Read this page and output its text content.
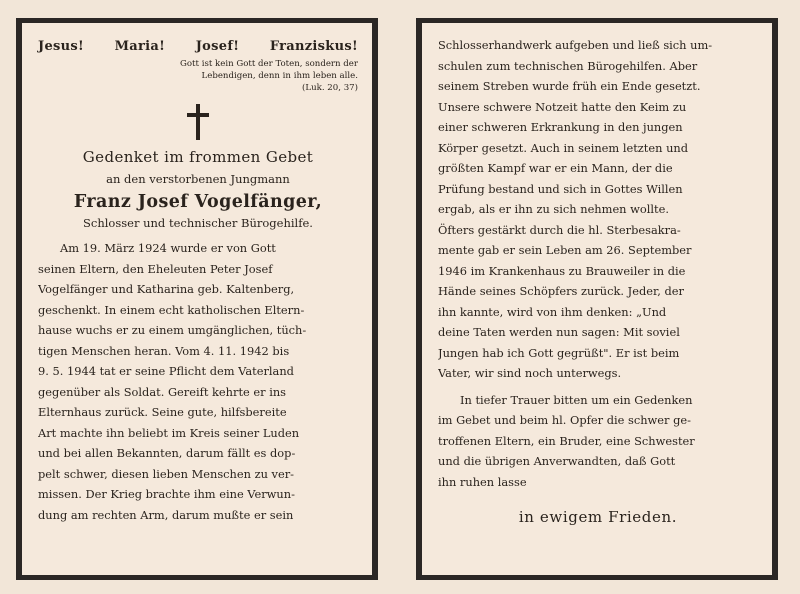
Jesus! Maria! Josef! Franziskus!
Gott ist kein Gott der Toten, sondern der
Lebendigen, denn in ihm leben alle.
(Luk. 20, 37)
Gedenket im frommen Gebet
an den verstorbenen Jungmann
Franz Josef Vogelfänger,
Schlosser und technischer Bürogehilfe.
Am 19. März 1924 wurde er von Gott
seinen Eltern, den Eheleuten Peter Josef
Vogelfänger und Katharina geb. Kaltenberg,
geschenkt. In einem echt katholischen Eltern-
hause wuchs er zu einem umgänglichen, tüch-
tigen Menschen heran. Vom 4. 11. 1942 bis
9. 5. 1944 tat er seine Pflicht dem Vaterland
gegenüber als Soldat. Gereift kehrte er ins
Elternhaus zurück. Seine gute, hilfsbereite
Art machte ihn beliebt im Kreis seiner Luden
und bei allen Bekannten, darum fällt es dop-
pelt schwer, diesen lieben Menschen zu ver-
missen. Der Krieg brachte ihm eine Verwun-
dung am rechten Arm, darum mußte er sein
Schlosserhandwerk aufgeben und ließ sich um-
schulen zum technischen Bürogehilfen. Aber
seinem Streben wurde früh ein Ende gesetzt.
Unsere schwere Notzeit hatte den Keim zu
einer schweren Erkrankung in den jungen
Körper gesetzt. Auch in seinem letzten und
größten Kampf war er ein Mann, der die
Prüfung bestand und sich in Gottes Willen
ergab, als er ihn zu sich nehmen wollte.
Öfters gestärkt durch die hl. Sterbesakra-
mente gab er sein Leben am 26. September
1946 im Krankenhaus zu Brauweiler in die
Hände seines Schöpfers zurück. Jeder, der
ihn kannte, wird von ihm denken: „Und
deine Taten werden nun sagen: Mit soviel
Jungen hab ich Gott gegrüßt". Er ist beim
Vater, wir sind noch unterwegs.
In tiefer Trauer bitten um ein Gedenken
im Gebet und beim hl. Opfer die schwer ge-
troffenen Eltern, ein Bruder, eine Schwester
und die übrigen Anverwandten, daß Gott
ihn ruhen lasse
in ewigem Frieden.
